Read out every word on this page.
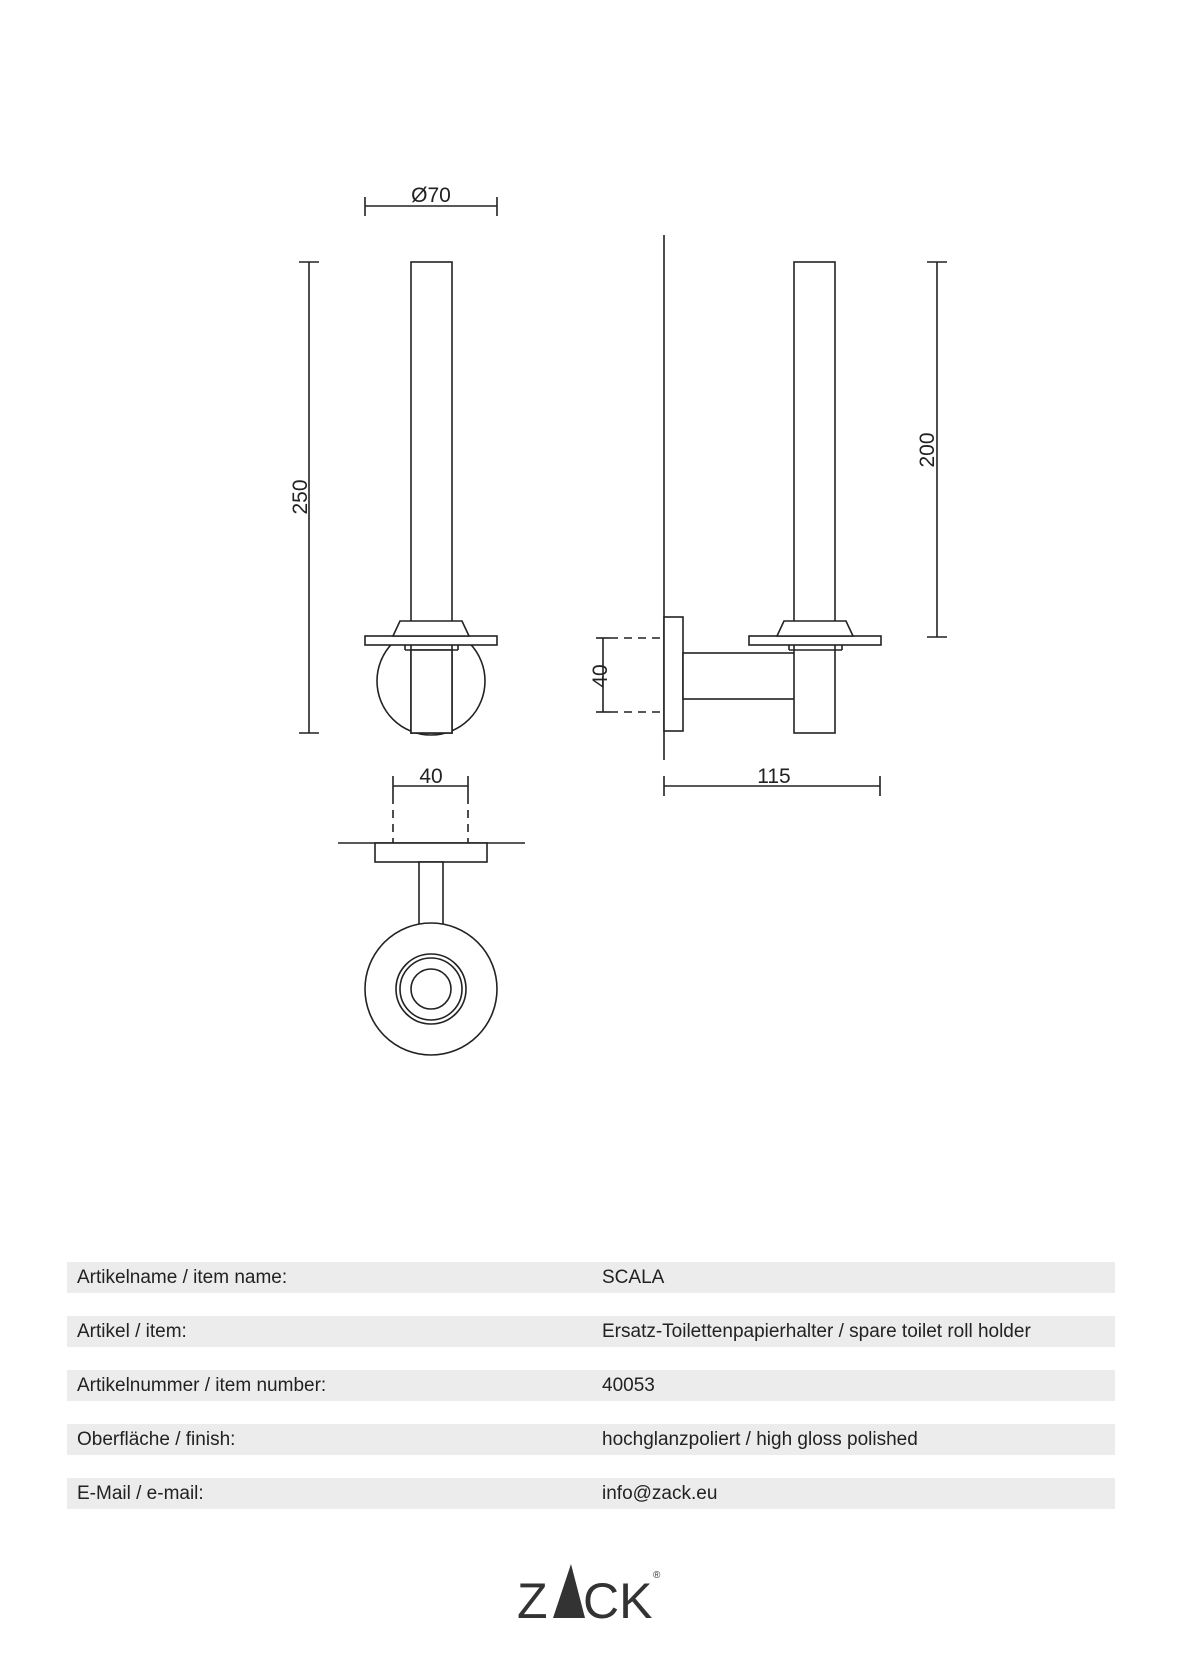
Ø70
250
200
40
115
40
Artikelname / item name:	SCALA
Artikel / item:	Ersatz-Toilettenpapierhalter / spare toilet roll holder
Artikelnummer / item number:	40053
Oberfläche / finish:	hochglanzpoliert / high gloss polished
E-Mail / e-mail:	info@zack.eu
Z CK ®
